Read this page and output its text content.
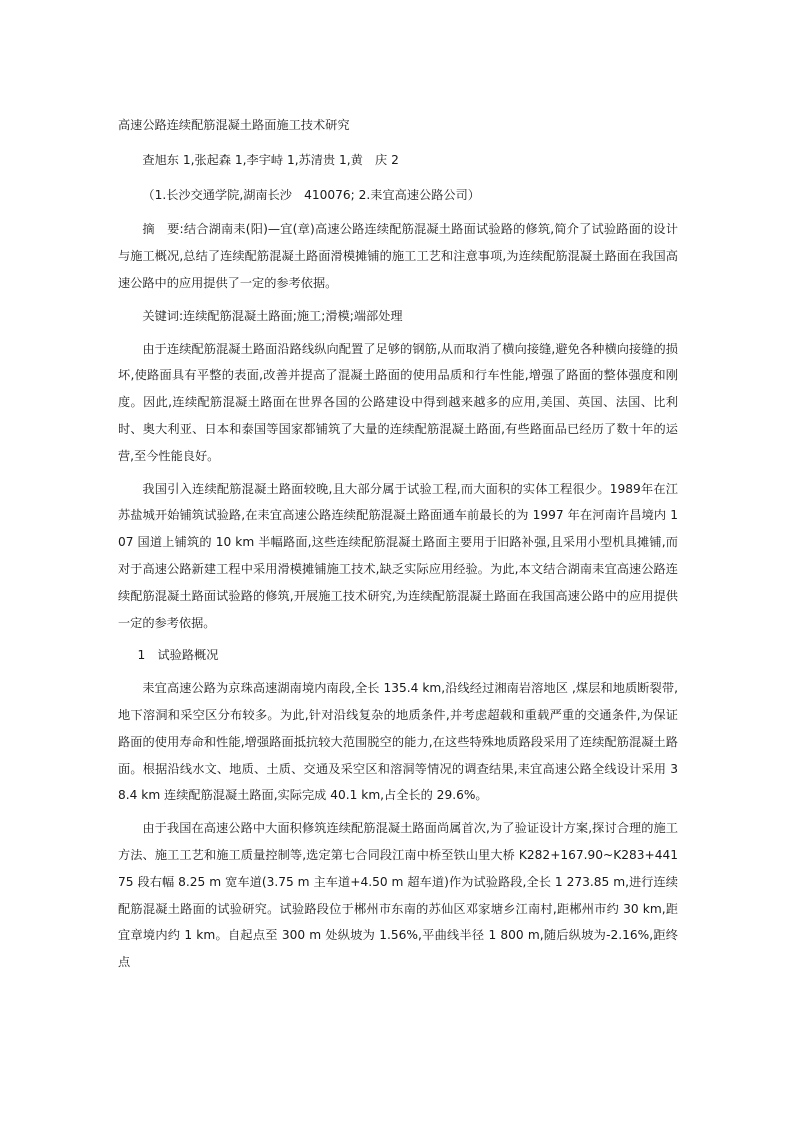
高速公路连续配筋混凝土路面施工技术研究

查旭东 1,张起森 1,李宇峙 1,苏清贵 1,黄　庆 2

（1.长沙交通学院,湖南长沙　410076; 2.耒宜高速公路公司）

摘　要:结合湖南耒(阳)—宜(章)高速公路连续配筋混凝土路面试验路的修筑,简介了试验路面的设计与施工概况,总结了连续配筋混凝土路面滑模摊铺的施工工艺和注意事项,为连续配筋混凝土路面在我国高速公路中的应用提供了一定的参考依据。

关键词:连续配筋混凝土路面;施工;滑模;端部处理

由于连续配筋混凝土路面沿路线纵向配置了足够的钢筋,从而取消了横向接缝,避免各种横向接缝的损坏,使路面具有平整的表面,改善并提高了混凝土路面的使用品质和行车性能,增强了路面的整体强度和刚度。因此,连续配筋混凝土路面在世界各国的公路建设中得到越来越多的应用,美国、英国、法国、比利时、奥大利亚、日本和泰国等国家都铺筑了大量的连续配筋混凝土路面,有些路面品已经历了数十年的运营,至今性能良好。

我国引入连续配筋混凝土路面较晚,且大部分属于试验工程,而大面积的实体工程很少。1989年在江苏盐城开始铺筑试验路,在耒宜高速公路连续配筋混凝土路面通车前最长的为 1997 年在河南许昌境内 107 国道上铺筑的 10 km 半幅路面,这些连续配筋混凝土路面主要用于旧路补强,且采用小型机具摊铺,而对于高速公路新建工程中采用滑模摊铺施工技术,缺乏实际应用经验。为此,本文结合湖南耒宜高速公路连续配筋混凝土路面试验路的修筑,开展施工技术研究,为连续配筋混凝土路面在我国高速公路中的应用提供一定的参考依据。

1　试验路概况

耒宜高速公路为京珠高速湖南境内南段,全长 135.4 km,沿线经过湘南岩溶地区 ,煤层和地质断裂带,地下溶洞和采空区分布较多。为此,针对沿线复杂的地质条件,并考虑超载和重载严重的交通条件,为保证路面的使用寿命和性能,增强路面抵抗较大范围脱空的能力,在这些特殊地质路段采用了连续配筋混凝土路面。根据沿线水文、地质、土质、交通及采空区和溶洞等情况的调查结果,耒宜高速公路全线设计采用 38.4 km 连续配筋混凝土路面,实际完成 40.1 km,占全长的 29.6%。

由于我国在高速公路中大面积修筑连续配筋混凝土路面尚属首次,为了验证设计方案,探讨合理的施工方法、施工工艺和施工质量控制等,选定第七合同段江南中桥至铁山里大桥 K282+167.90~K283+44175 段右幅 8.25 m 宽车道(3.75 m 主车道+4.50 m 超车道)作为试验路段,全长 1 273.85 m,进行连续配筋混凝土路面的试验研究。试验路段位于郴州市东南的苏仙区邓家塘乡江南村,距郴州市约 30 km,距宜章境内约 1 km。自起点至 300 m 处纵坡为 1.56%,平曲线半径 1 800 m,随后纵坡为-2.16%,距终点
